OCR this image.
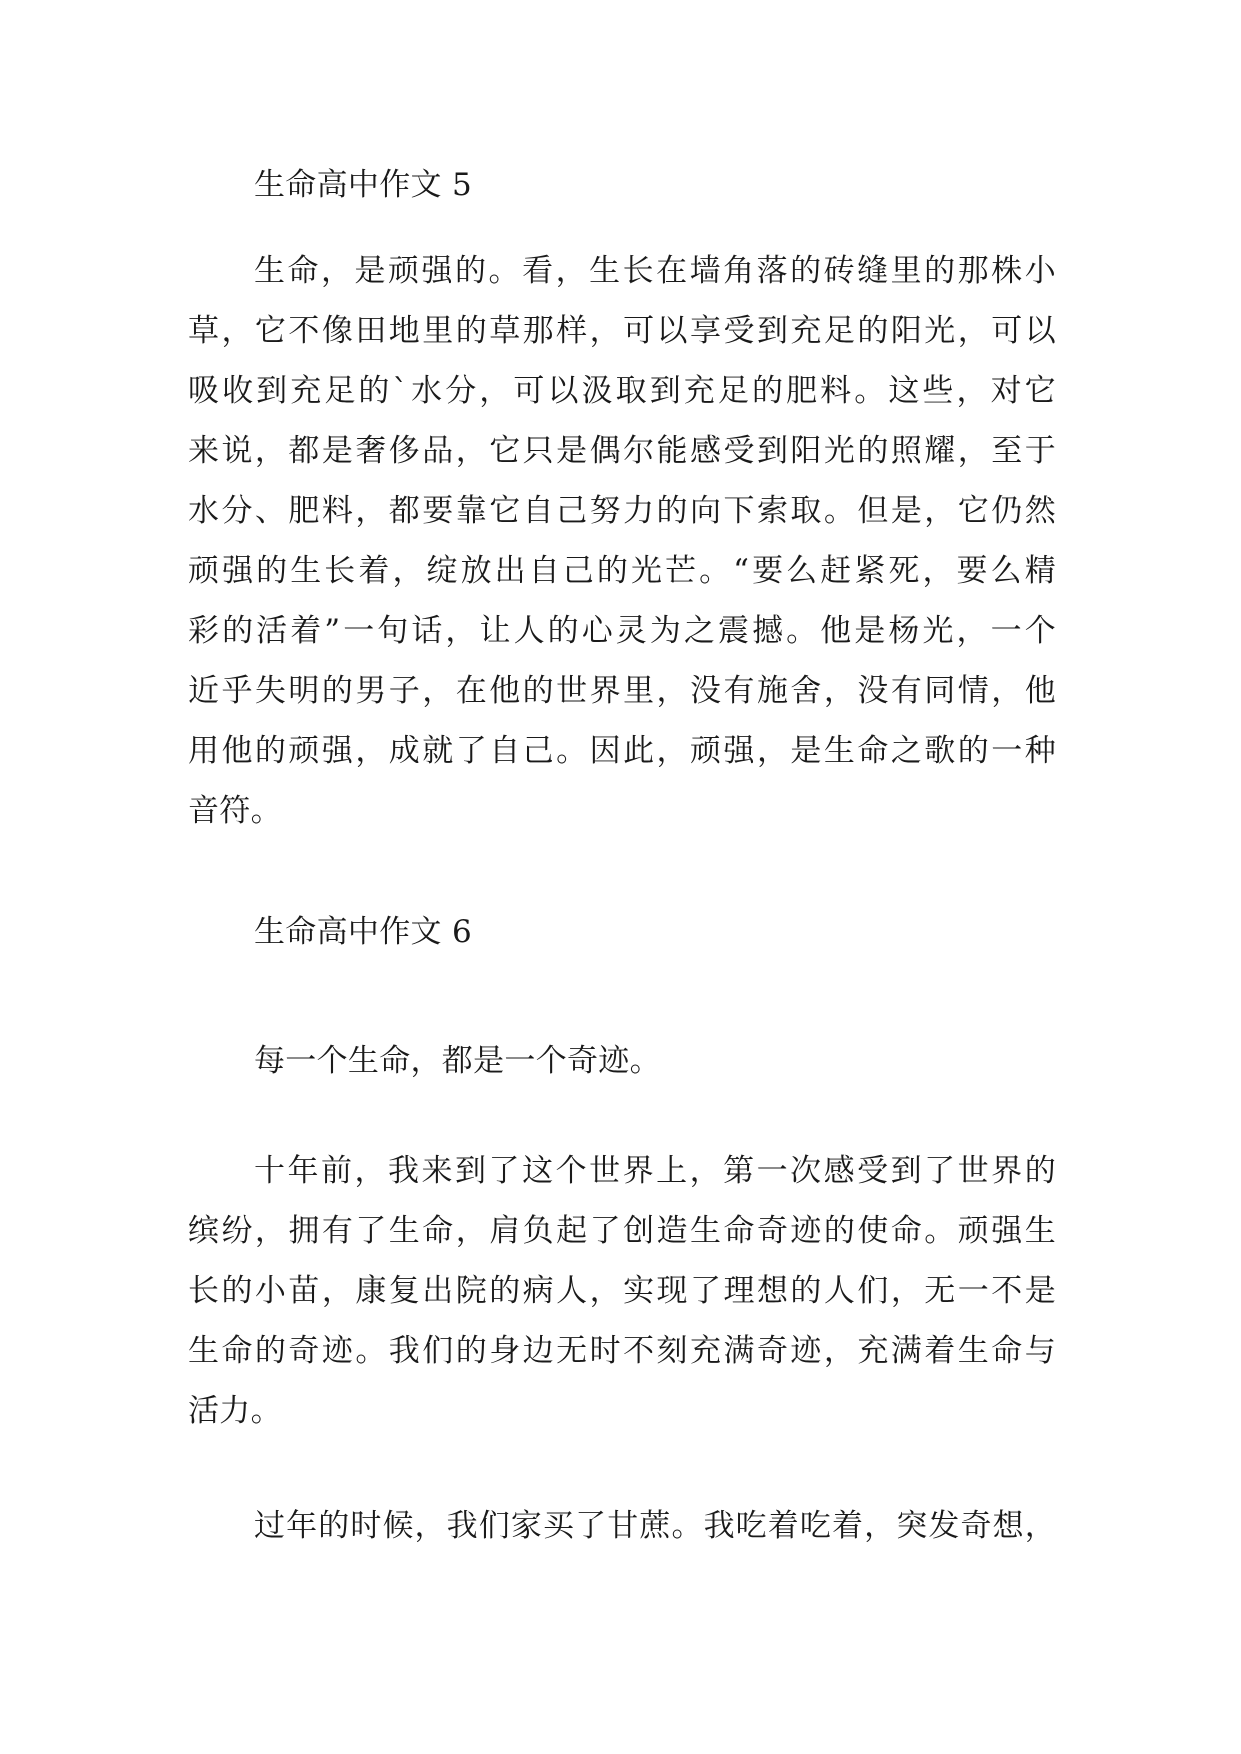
生命高中作文 5
生命，是顽强的。看，生长在墙角落的砖缝里的那株小
草，它不像田地里的草那样，可以享受到充足的阳光，可以
吸收到充足的`水分，可以汲取到充足的肥料。这些，对它
来说，都是奢侈品，它只是偶尔能感受到阳光的照耀，至于
水分、肥料，都要靠它自己努力的向下索取。但是，它仍然
顽强的生长着，绽放出自己的光芒。“要么赶紧死，要么精
彩的活着”一句话，让人的心灵为之震撼。他是杨光，一个
近乎失明的男子，在他的世界里，没有施舍，没有同情，他
用他的顽强，成就了自己。因此，顽强，是生命之歌的一种
音符。
生命高中作文 6
每一个生命，都是一个奇迹。
十年前，我来到了这个世界上，第一次感受到了世界的
缤纷，拥有了生命，肩负起了创造生命奇迹的使命。顽强生
长的小苗，康复出院的病人，实现了理想的人们，无一不是
生命的奇迹。我们的身边无时不刻充满奇迹，充满着生命与
活力。
过年的时候，我们家买了甘蔗。我吃着吃着，突发奇想，
